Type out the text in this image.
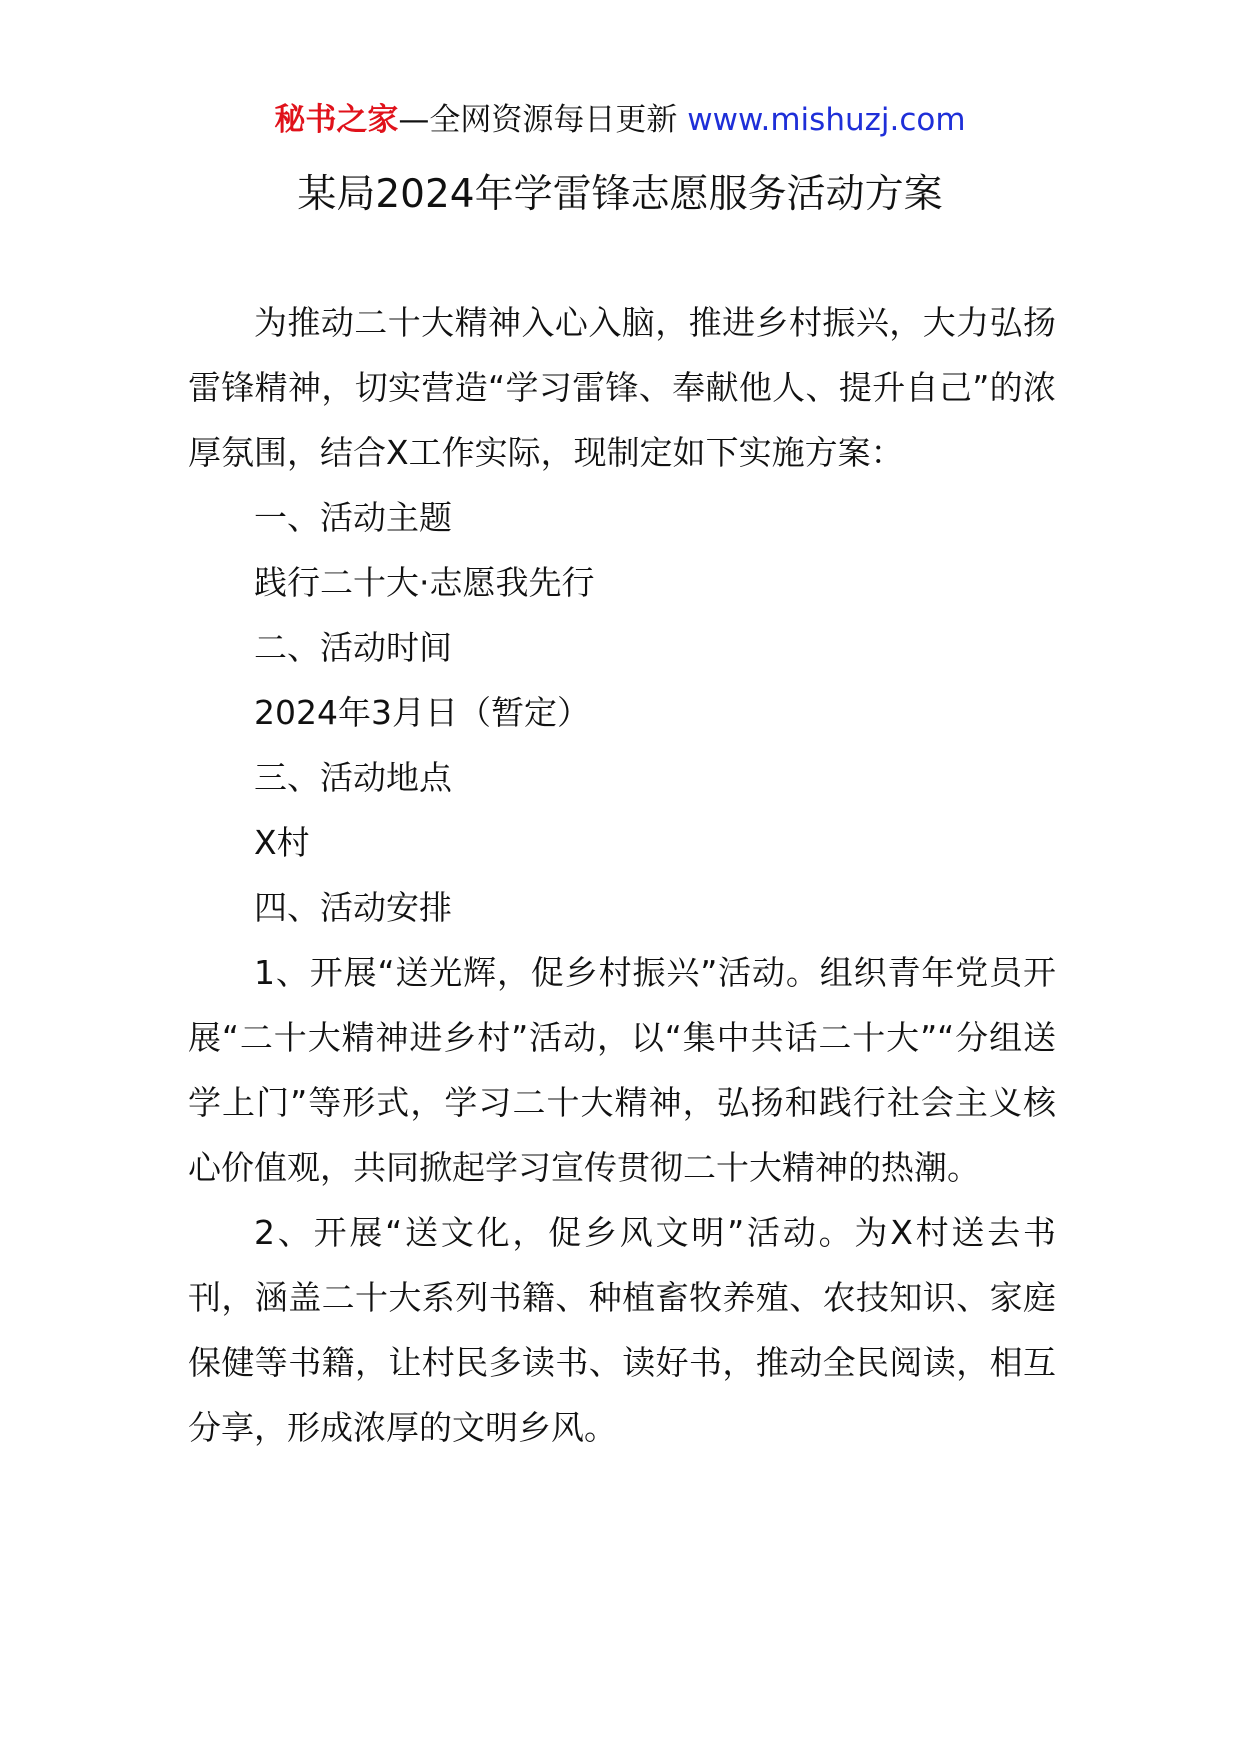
秘书之家—全网资源每日更新 www.mishuzj.com
某局2024年学雷锋志愿服务活动方案

为推动二十大精神入心入脑，推进乡村振兴，大力弘扬雷锋精神，切实营造“学习雷锋、奉献他人、提升自己”的浓厚氛围，结合X工作实际，现制定如下实施方案：

一、活动主题

践行二十大·志愿我先行

二、活动时间

2024年3月日（暂定）

三、活动地点

X村

四、活动安排

1、开展“送光辉，促乡村振兴”活动。组织青年党员开展“二十大精神进乡村”活动，以“集中共话二十大”“分组送学上门”等形式，学习二十大精神，弘扬和践行社会主义核心价值观，共同掀起学习宣传贯彻二十大精神的热潮。

2、开展“送文化，促乡风文明”活动。为X村送去书刊，涵盖二十大系列书籍、种植畜牧养殖、农技知识、家庭保健等书籍，让村民多读书、读好书，推动全民阅读，相互分享，形成浓厚的文明乡风。
